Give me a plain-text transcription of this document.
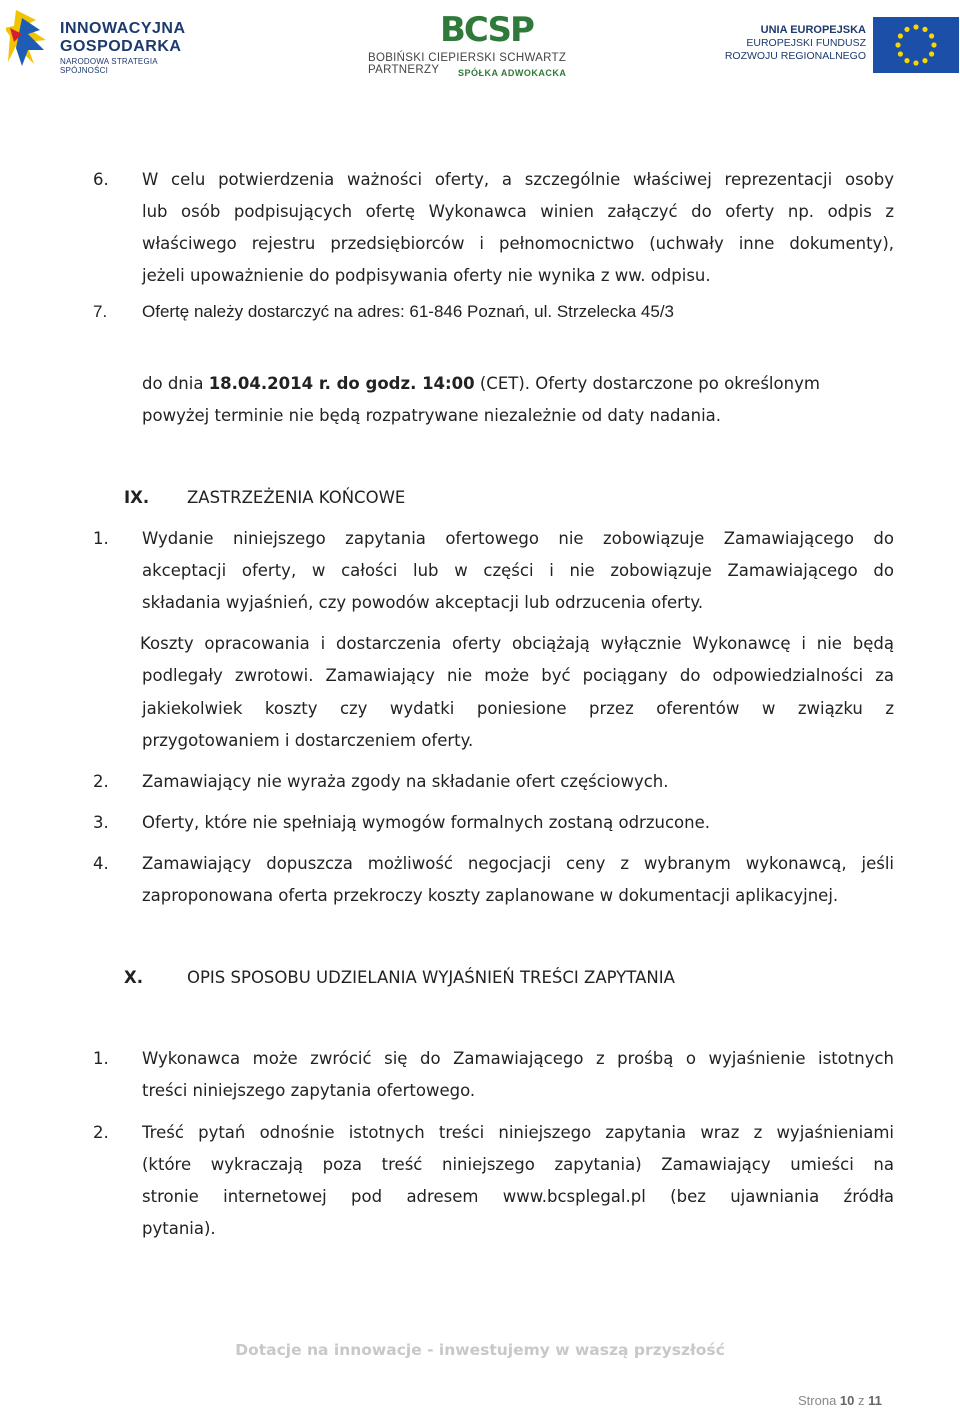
INNOWACYJNA
GOSPODARKA
NARODOWA STRATEGIA SPÓJNOŚCI
BCSP
BOBIŃSKI CIEPIERSKI SCHWARTZ PARTNERZY	SPÓŁKA ADWOKACKA
UNIA EUROPEJSKA
EUROPEJSKI FUNDUSZ
ROZWOJU REGIONALNEGO
6. W celu potwierdzenia ważności oferty, a szczególnie właściwej reprezentacji osoby
lub osób podpisujących ofertę Wykonawca winien załączyć do oferty np. odpis z
właściwego rejestru przedsiębiorców i pełnomocnictwo (uchwały inne dokumenty),
jeżeli upoważnienie do podpisywania oferty nie wynika z ww. odpisu.
7. Ofertę należy dostarczyć na adres: 61-846 Poznań, ul. Strzelecka 45/3
do dnia 18.04.2014 r. do godz. 14:00 (CET). Oferty dostarczone po określonym
powyżej terminie nie będą rozpatrywane niezależnie od daty nadania.
IX. ZASTRZEŻENIA KOŃCOWE
1. Wydanie niniejszego zapytania ofertowego nie zobowiązuje Zamawiającego do
akceptacji oferty, w całości lub w części i nie zobowiązuje Zamawiającego do
składania wyjaśnień, czy powodów akceptacji lub odrzucenia oferty.
Koszty opracowania i dostarczenia oferty obciążają wyłącznie Wykonawcę i nie będą
podlegały zwrotowi. Zamawiający nie może być pociągany do odpowiedzialności za
jakiekolwiek koszty czy wydatki poniesione przez oferentów w związku z
przygotowaniem i dostarczeniem oferty.
2. Zamawiający nie wyraża zgody na składanie ofert częściowych.
3. Oferty, które nie spełniają wymogów formalnych zostaną odrzucone.
4. Zamawiający dopuszcza możliwość negocjacji ceny z wybranym wykonawcą, jeśli
zaproponowana oferta przekroczy koszty zaplanowane w dokumentacji aplikacyjnej.
X.	OPIS SPOSOBU UDZIELANIA WYJAŚNIEŃ TREŚCI ZAPYTANIA
1. Wykonawca może zwrócić się do Zamawiającego z prośbą o wyjaśnienie istotnych
treści niniejszego zapytania ofertowego.
2. Treść pytań odnośnie istotnych treści niniejszego zapytania wraz z wyjaśnieniami
(które wykraczają poza treść niniejszego zapytania) Zamawiający umieści na
stronie internetowej pod adresem www.bcsplegal.pl (bez ujawniania źródła
pytania).
Dotacje na innowacje - inwestujemy w waszą przyszłość
Strona 10 z 11
